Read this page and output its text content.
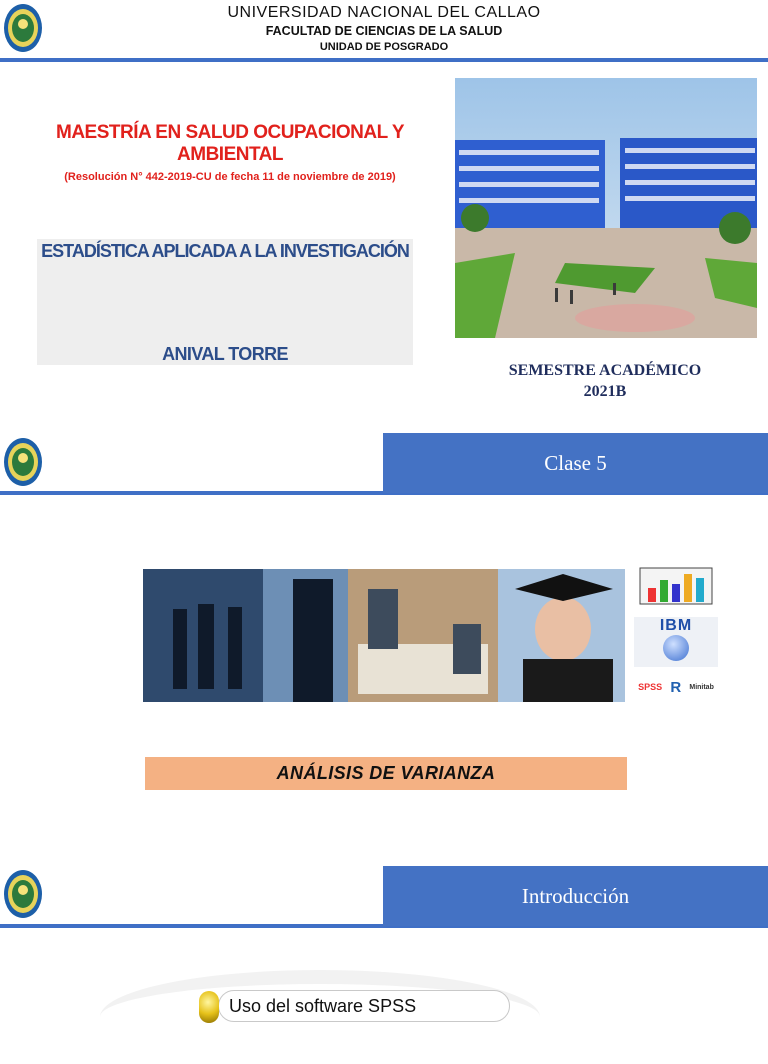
UNIVERSIDAD NACIONAL DEL CALLAO
FACULTAD DE CIENCIAS DE LA SALUD
UNIDAD DE POSGRADO
MAESTRÍA EN SALUD OCUPACIONAL Y AMBIENTAL
(Resolución N° 442-2019-CU de fecha 11 de noviembre de 2019)
ESTADÍSTICA APLICADA A LA INVESTIGACIÓN
ANIVAL TORRE
SEMESTRE ACADÉMICO
2021B
Clase 5
IBM
SPSS R Minitab
ANÁLISIS DE VARIANZA
Introducción
Uso del software SPSS
